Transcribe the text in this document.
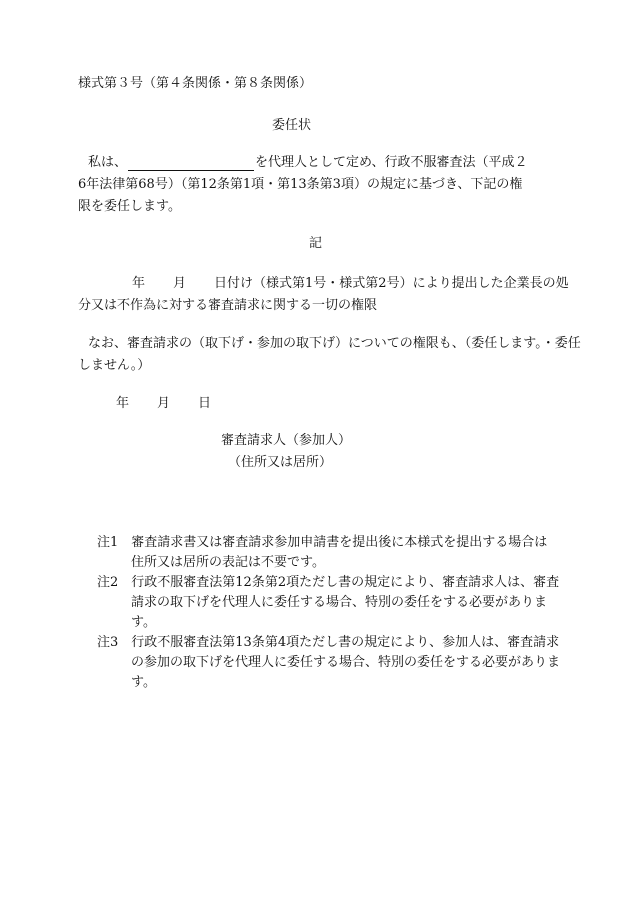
様式第３号（第４条関係・第８条関係）
委任状
私は、	を代理人として定め、行政不服審査法（平成２
6年法律第68号）（第12条第1項・第13条第3項）の規定に基づき、下記の権
限を委任します。
記
年 月 日付け（様式第1号・様式第2号）により提出した企業長の処
分又は不作為に対する審査請求に関する一切の権限
なお、審査請求の（取下げ・参加の取下げ）についての権限も、（委任します。・委任
しません。）
年 月 日
審査請求人（参加人）
（住所又は居所）
注1　審査請求書又は審査請求参加申請書を提出後に本様式を提出する場合は
住所又は居所の表記は不要です。
注2　行政不服審査法第12条第2項ただし書の規定により、審査請求人は、審査
請求の取下げを代理人に委任する場合、特別の委任をする必要がありま
す。
注3　行政不服審査法第13条第4項ただし書の規定により、参加人は、審査請求
の参加の取下げを代理人に委任する場合、特別の委任をする必要がありま
す。
